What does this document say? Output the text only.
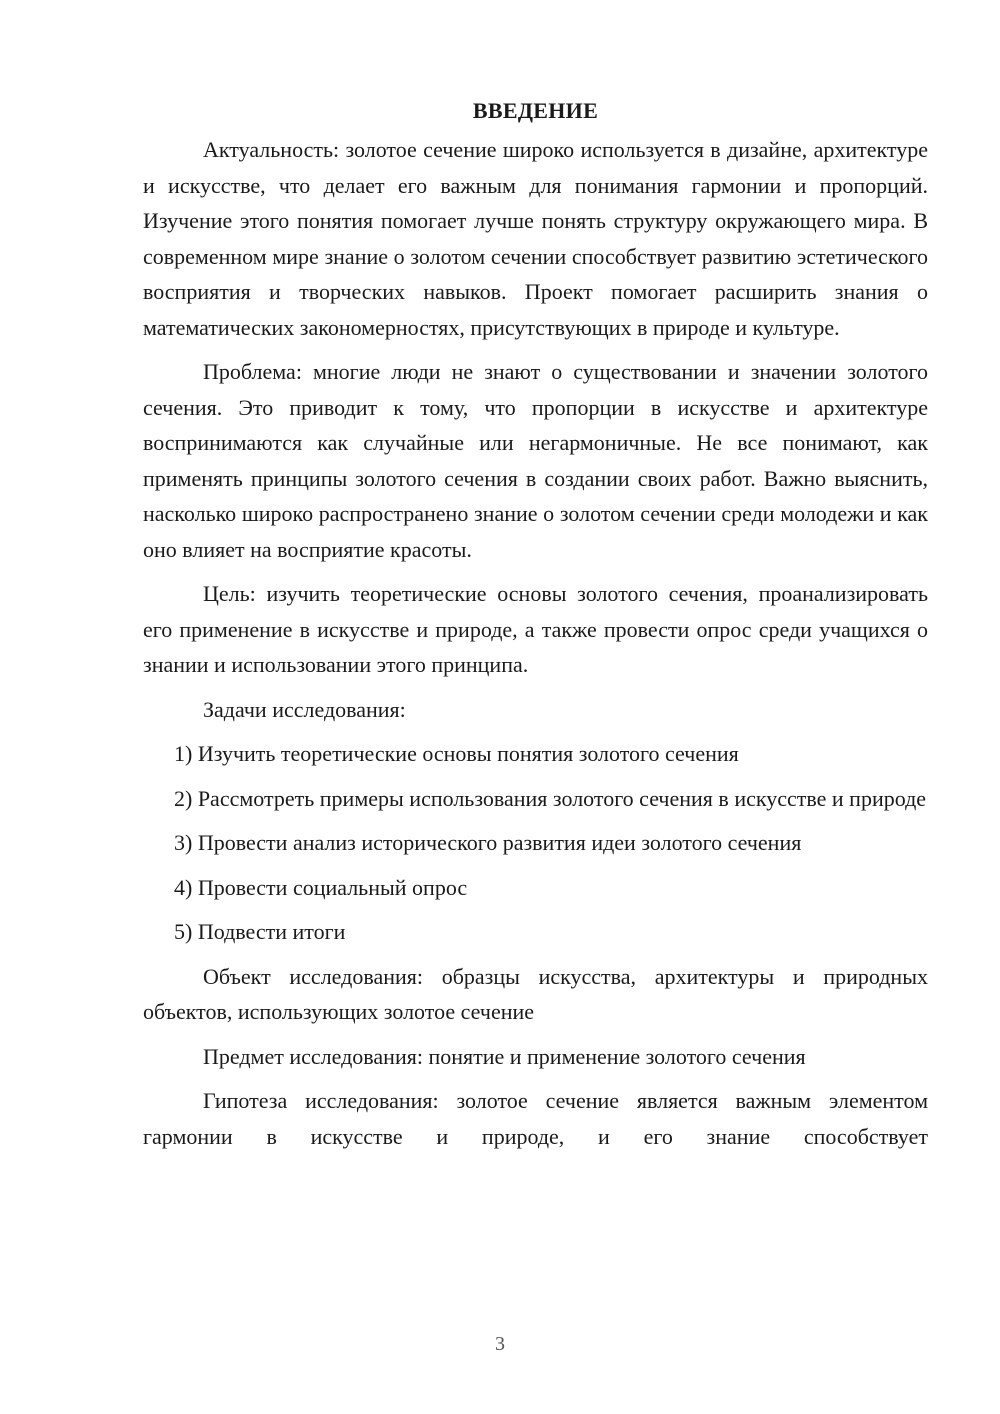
ВВЕДЕНИЕ

Актуальность: золотое сечение широко используется в дизайне, архитектуре и искусстве, что делает его важным для понимания гармонии и пропорций. Изучение этого понятия помогает лучше понять структуру окружающего мира. В современном мире знание о золотом сечении способствует развитию эстетического восприятия и творческих навыков. Проект помогает расширить знания о математических закономерностях, присутствующих в природе и культуре.

Проблема: многие люди не знают о существовании и значении золотого сечения. Это приводит к тому, что пропорции в искусстве и архитектуре воспринимаются как случайные или негармоничные. Не все понимают, как применять принципы золотого сечения в создании своих работ. Важно выяснить, насколько широко распространено знание о золотом сечении среди молодежи и как оно влияет на восприятие красоты.

Цель: изучить теоретические основы золотого сечения, проанализировать его применение в искусстве и природе, а также провести опрос среди учащихся о знании и использовании этого принципа.

Задачи исследования:

1) Изучить теоретические основы понятия золотого сечения

2) Рассмотреть примеры использования золотого сечения в искусстве и природе

3) Провести анализ исторического развития идеи золотого сечения

4) Провести социальный опрос

5) Подвести итоги

Объект исследования: образцы искусства, архитектуры и природных объектов, использующих золотое сечение

Предмет исследования: понятие и применение золотого сечения

Гипотеза исследования: золотое сечение является важным элементом гармонии в искусстве и природе, и его знание способствует

3
